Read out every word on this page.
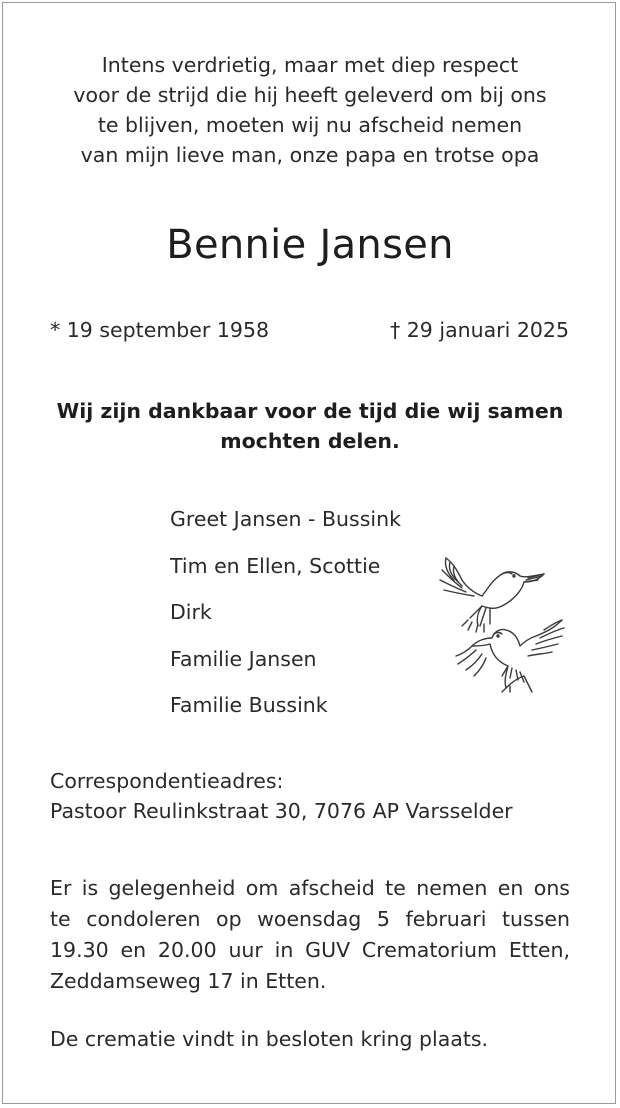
Intens verdrietig, maar met diep respect
voor de strijd die hij heeft geleverd om bij ons
te blijven, moeten wij nu afscheid nemen
van mijn lieve man, onze papa en trotse opa
Bennie Jansen
* 19 september 1958	† 29 januari 2025
Wij zijn dankbaar voor de tijd die wij samen
mochten delen.
Greet Jansen - Bussink
Tim en Ellen, Scottie
Dirk
Familie Jansen
Familie Bussink
Correspondentieadres:
Pastoor Reulinkstraat 30, 7076 AP Varsselder
Er is gelegenheid om afscheid te nemen en ons
te condoleren op woensdag 5 februari tussen
19.30 en 20.00 uur in GUV Crematorium Etten,
Zeddamseweg 17 in Etten.
De crematie vindt in besloten kring plaats.
